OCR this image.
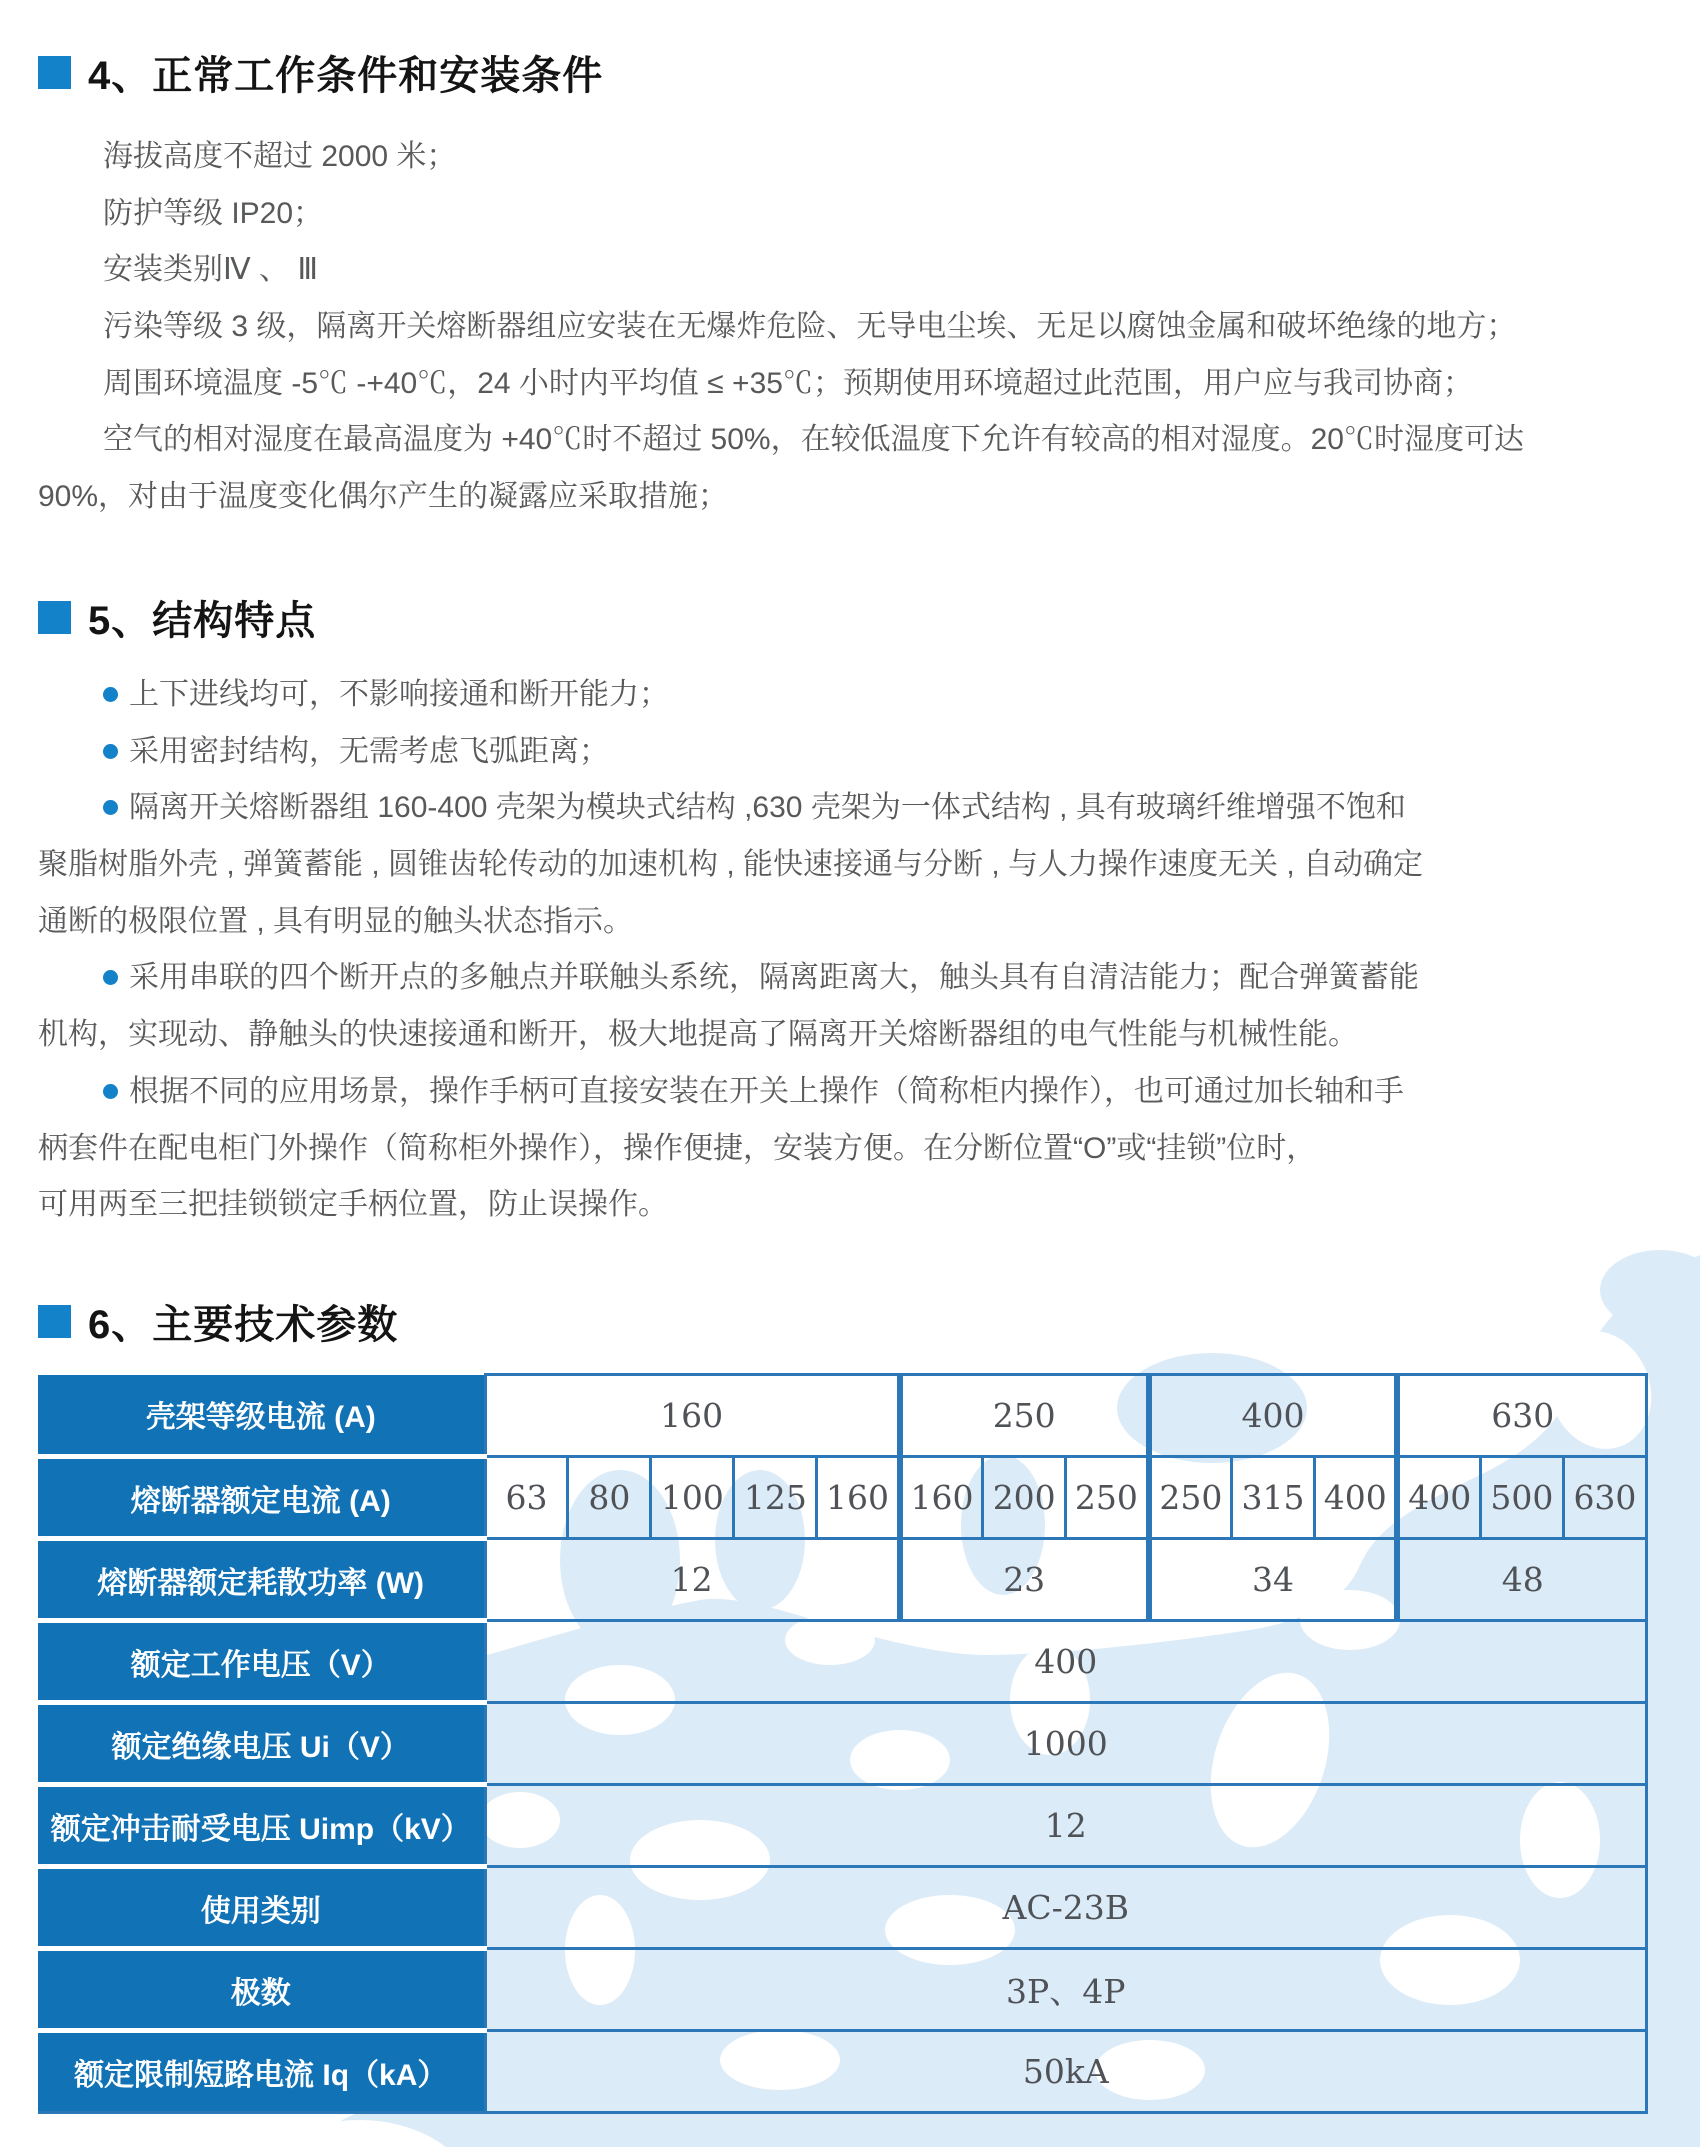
4、正常工作条件和安装条件
海拔高度不超过 2000 米；
防护等级 IP20；
安装类别Ⅳ 、 Ⅲ
污染等级 3 级，隔离开关熔断器组应安装在无爆炸危险、无导电尘埃、无足以腐蚀金属和破坏绝缘的地方；
周围环境温度 -5℃ -+40℃，24 小时内平均值 ≤ +35℃；预期使用环境超过此范围，用户应与我司协商；
空气的相对湿度在最高温度为 +40℃时不超过 50%，在较低温度下允许有较高的相对湿度。20℃时湿度可达
90%，对由于温度变化偶尔产生的凝露应采取措施；
5、结构特点
上下进线均可，不影响接通和断开能力；
采用密封结构，无需考虑飞弧距离；
隔离开关熔断器组 160-400 壳架为模块式结构 ,630 壳架为一体式结构 , 具有玻璃纤维增强不饱和
聚脂树脂外壳 , 弹簧蓄能 , 圆锥齿轮传动的加速机构 , 能快速接通与分断 , 与人力操作速度无关 , 自动确定
通断的极限位置 , 具有明显的触头状态指示。
采用串联的四个断开点的多触点并联触头系统，隔离距离大，触头具有自清洁能力；配合弹簧蓄能
机构，实现动、静触头的快速接通和断开，极大地提高了隔离开关熔断器组的电气性能与机械性能。
根据不同的应用场景，操作手柄可直接安装在开关上操作（简称柜内操作），也可通过加长轴和手
柄套件在配电柜门外操作（简称柜外操作），操作便捷，安装方便。在分断位置“O”或“挂锁”位时，
可用两至三把挂锁锁定手柄位置，防止误操作。
6、主要技术参数
壳架等级电流 (A)	160					250			400			630		
熔断器额定电流 (A)	63	80	100	125	160	160	200	250	250	315	400	400	500	630
熔断器额定耗散功率 (W)	12					23			34			48		
额定工作电压（V）	400													
额定绝缘电压 Ui（V）	1000													
额定冲击耐受电压 Uimp（kV）	12													
使用类别	AC-23B													
极数	3P、4P													
额定限制短路电流 Iq（kA）	50kA													
